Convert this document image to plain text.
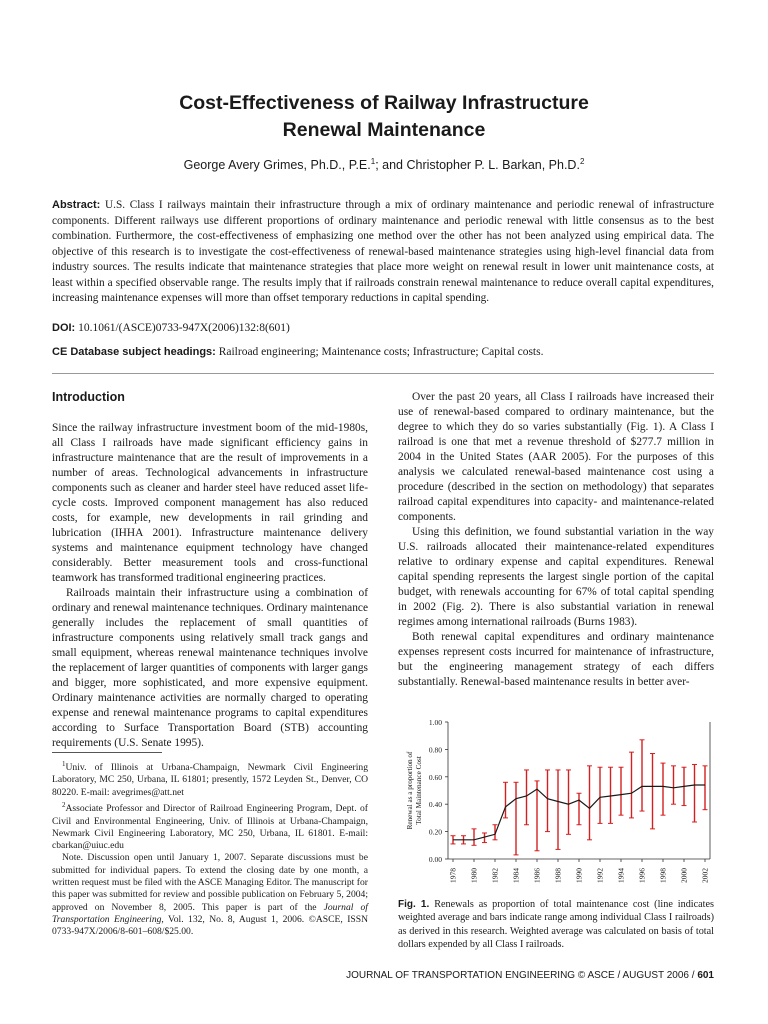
Cost-Effectiveness of Railway Infrastructure
Renewal Maintenance
George Avery Grimes, Ph.D., P.E.$^1$; and Christopher P. L. Barkan, Ph.D.$^2$
Abstract: U.S. Class I railways maintain their infrastructure through a mix of ordinary maintenance and periodic renewal of infrastructure components. Different railways use different proportions of ordinary maintenance and periodic renewal with little consensus as to the best combination. Furthermore, the cost-effectiveness of emphasizing one method over the other has not been analyzed using empirical data. The objective of this research is to investigate the cost-effectiveness of renewal-based maintenance strategies using high-level financial data from industry sources. The results indicate that maintenance strategies that place more weight on renewal result in lower unit maintenance costs, at least within a specified observable range. The results imply that if railroads constrain renewal maintenance to reduce overall capital expenditures, increasing maintenance expenses will more than offset temporary reductions in capital spending.
DOI: 10.1061/(ASCE)0733-947X(2006)132:8(601)
CE Database subject headings: Railroad engineering; Maintenance costs; Infrastructure; Capital costs.
Introduction

Since the railway infrastructure investment boom of the mid-1980s, all Class I railroads have made significant efficiency gains in infrastructure maintenance that are the result of improvements in a number of areas. Technological advancements in infrastructure components such as cleaner and harder steel have reduced asset life-cycle costs. Improved component management has also reduced costs, for example, new developments in rail grinding and lubrication (IHHA 2001). Infrastructure maintenance delivery systems and maintenance equipment technology have changed considerably. Better measurement tools and cross-functional teamwork has transformed traditional engineering practices.

Railroads maintain their infrastructure using a combination of ordinary and renewal maintenance techniques. Ordinary maintenance generally includes the replacement of small quantities of infrastructure components using relatively small track gangs and small equipment, whereas renewal maintenance techniques involve the replacement of larger quantities of components with larger gangs and bigger, more sophisticated, and more expensive equipment. Ordinary maintenance activities are normally charged to operating expense and renewal maintenance programs to capital expenditures according to Surface Transportation Board (STB) accounting requirements (U.S. Senate 1995).

$^1$Univ. of Illinois at Urbana-Champaign, Newmark Civil Engineering Laboratory, MC 250, Urbana, IL 61801; presently, 1572 Leyden St., Denver, CO 80220. E-mail: avegrimes@att.net

$^2$Associate Professor and Director of Railroad Engineering Program, Dept. of Civil and Environmental Engineering, Univ. of Illinois at Urbana-Champaign, Newmark Civil Engineering Laboratory, MC 250, Urbana, IL 61801. E-mail: cbarkan@uiuc.edu

Note. Discussion open until January 1, 2007. Separate discussions must be submitted for individual papers. To extend the closing date by one month, a written request must be filed with the ASCE Managing Editor. The manuscript for this paper was submitted for review and possible publication on February 5, 2004; approved on November 8, 2005. This paper is part of the Journal of Transportation Engineering, Vol. 132, No. 8, August 1, 2006. ©ASCE, ISSN 0733-947X/2006/8-601–608/$25.00.

Over the past 20 years, all Class I railroads have increased their use of renewal-based compared to ordinary maintenance, but the degree to which they do so varies substantially (Fig. 1). A Class I railroad is one that met a revenue threshold of $277.7 million in 2004 in the United States (AAR 2005). For the purposes of this analysis we calculated renewal-based maintenance cost using a procedure (described in the section on methodology) that separates railroad capital expenditures into capacity- and maintenance-related components.

Using this definition, we found substantial variation in the way U.S. railroads allocated their maintenance-related expenditures relative to ordinary expense and capital expenditures. Renewal capital spending represents the largest single portion of the capital budget, with renewals accounting for 67% of total capital spending in 2002 (Fig. 2). There is also substantial variation in renewal regimes among international railroads (Burns 1983).

Both renewal capital expenditures and ordinary maintenance expenses represent costs incurred for maintenance of infrastructure, but the engineering management strategy of each differs substantially. Renewal-based maintenance results in better aver-

0.00
0.20
0.40
0.60
0.80
1.00
1978 1980 1982 1984 1986 1988 1990 1992 1994 1996 1998 2000 2002
Renewal as a proportion of Total Maintenance Cost
Fig. 1. Renewals as proportion of total maintenance cost (line indicates weighted average and bars indicate range among individual Class I railroads) as derived in this research. Weighted average was calculated on basis of total dollars expended by all Class I railroads.
JOURNAL OF TRANSPORTATION ENGINEERING © ASCE / AUGUST 2006 / 601
